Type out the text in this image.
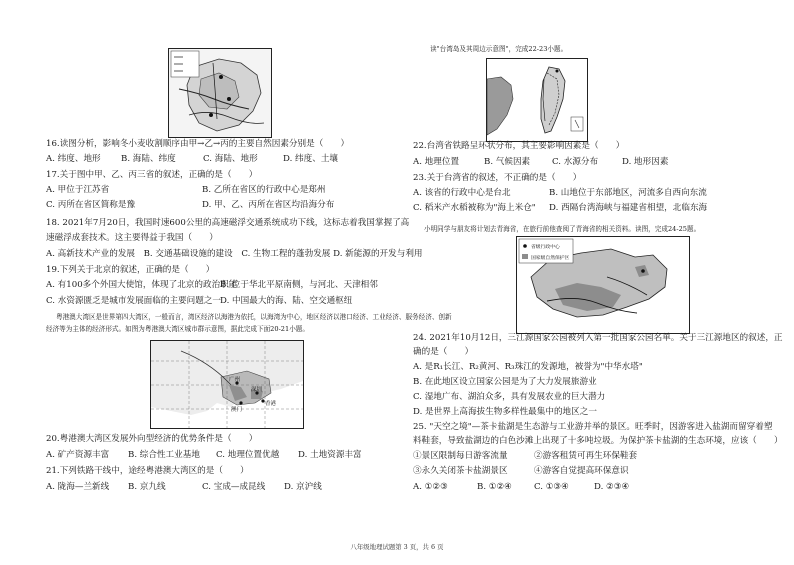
16.读图分析，影响冬小麦收割顺序由甲→乙→丙的主要自然因素分别是（　　）
A. 纬度、地形 B. 海陆、纬度	C. 海陆、地形	D. 纬度、土壤
17.关于图中甲、乙、丙三省的叙述，正确的是（　　）
A. 甲位于江苏省	B. 乙所在省区的行政中心是郑州
C. 丙所在省区简称是豫	D. 甲、乙、丙所在省区均沿海分布
18. 2021年7月20日，我国时速600公里的高速磁浮交通系统成功下线，这标志着我国掌握了高
速磁浮成套技术。这主要得益于我国（　　）
A. 高新技术产业的发展　B. 交通基础设施的建设　C. 生物工程的蓬勃发展 D. 新能源的开发与利用
19.下列关于北京的叙述，正确的是（　　）
A. 有100多个外国大使馆，体现了北京的政治职能
B. 位于华北平原南侧，与河北、天津相邻
C. 水资源匮乏是城市发展面临的主要问题之一
D. 中国最大的海、陆、空交通枢纽
粤港澳大湾区是世界第四大湾区，一般而言，湾区经济以海港为依托，以海湾为中心，地区经济以港口经济、工业经济、服务经济、创新
经济等为主体的经济形式。如图为粤港澳大湾区城市群示意图，据此完成下面20-21小题。
广州
深圳
香港
澳门
20.粤港澳大湾区发展外向型经济的优势条件是（　　）
A. 矿产资源丰富 B. 综合性工业基地 C. 地理位置优越 D. 土地资源丰富
21.下列铁路干线中，途经粤港澳大湾区的是（　　）
A. 陇海—兰新线 B. 京九线	C. 宝成—成昆线 D. 京沪线
读"台湾岛及其周边示意图"，完成22-23小题。
22.台湾省铁路呈环状分布，其主要影响因素是（　　）
A. 地理位置	B. 气候因素	C. 水源分布	D. 地形因素
23.关于台湾省的叙述，不正确的是（　　）
A. 该省的行政中心是台北	B. 山地位于东部地区，河流多自西向东流
C. 稻米产水稻被称为"海上米仓" D. 西隔台湾海峡与福建省相望，北临东海
小明同学与朋友将计划去青海省，在旅行前他查阅了青海省的相关资料。读图，完成24-25题。
省级行政中心
国家级自然保护区
24. 2021年10月12日，三江源国家公园被列入第一批国家公园名单。关于三江源地区的叙述，正
确的是（　　）
A. 是R₁长江、R₂黄河、R₃珠江的发源地，被誉为"中华水塔"
B. 在此地区设立国家公园是为了大力发展旅游业
C. 湿地广布、湖泊众多，具有发展农业的巨大潜力
D. 是世界上高海拔生物多样性最集中的地区之一
25. "天空之境"—茶卡盐湖是生态游与工业游并举的景区。旺季时，因游客进入盐湖而留穿着塑
料鞋套，导致盐湖边的白色沙滩上出现了十多吨垃圾。为保护茶卡盐湖的生态环境，应该（　　）
①景区限制每日游客流量	②游客租赁可再生环保鞋套
③永久关闭茶卡盐湖景区	④游客自觉提高环保意识
A. ①②③	B. ①②④	C. ①③④	D. ②③④
八年级地理试题第 3 页，共 6 页
